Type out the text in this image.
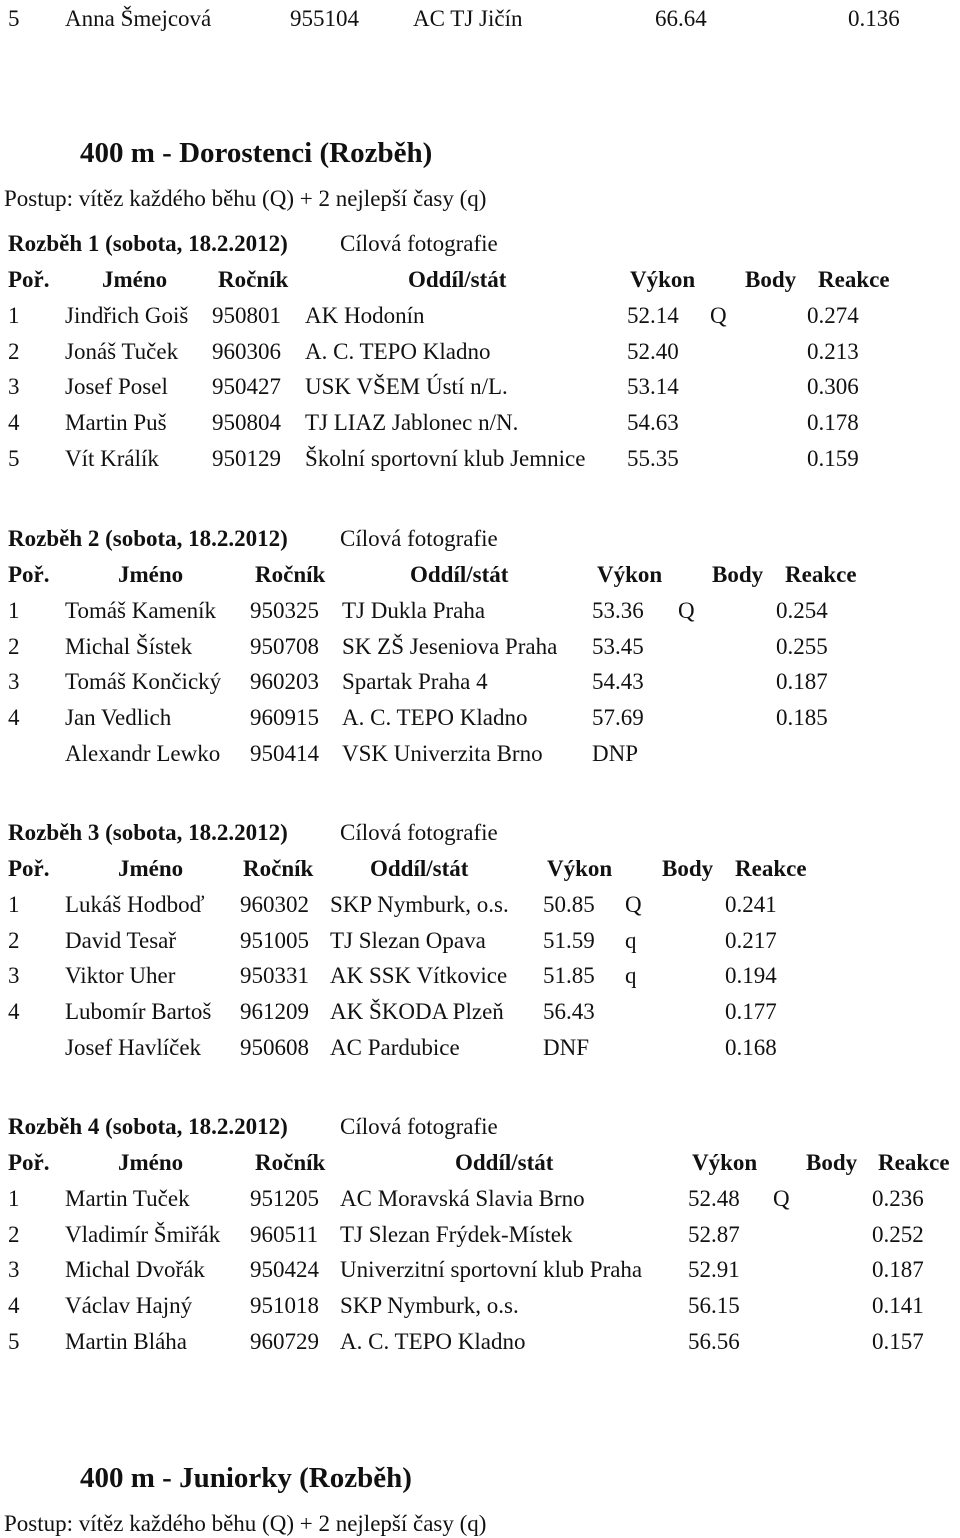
5 Anna Šmejcová	955104 AC TJ Jičín	66.64	0.136
400 m - Dorostenci (Rozběh)
Postup: vítěz každého běhu (Q) + 2 nejlepší časy (q)
Rozběh 1 (sobota, 18.2.2012) Cílová fotografie
Poř. Jméno Ročník	Oddíl/stát	Výkon Body Reakce
1 Jindřich Goiš 950801 AK Hodonín	52.14 Q	0.274
2 Jonáš Tuček 960306 A. C. TEPO Kladno	52.40	0.213
3 Josef Posel 950427 USK VŠEM Ústí n/L.	53.14	0.306
4 Martin Puš 950804 TJ LIAZ Jablonec n/N.	54.63	0.178
5 Vít Králík 950129 Školní sportovní klub Jemnice 55.35	0.159
Rozběh 2 (sobota, 18.2.2012) Cílová fotografie
Poř.	Jméno	Ročník	Oddíl/stát	Výkon Body Reakce
1 Tomáš Kameník 950325 TJ Dukla Praha	53.36 Q	0.254
2 Michal Šístek	950708 SK ZŠ Jeseniova Praha 53.45	0.255
3 Tomáš Končický 960203 Spartak Praha 4	54.43	0.187
4 Jan Vedlich	960915 A. C. TEPO Kladno	57.69	0.185
Alexandr Lewko 950414 VSK Univerzita Brno DNP
Rozběh 3 (sobota, 18.2.2012) Cílová fotografie
Poř.	Jméno	Ročník Oddíl/stát	Výkon Body Reakce
1 Lukáš Hodboď 960302 SKP Nymburk, o.s. 50.85 Q	0.241
2 David Tesař	951005 TJ Slezan Opava 51.59 q	0.217
3 Viktor Uher	950331 AK SSK Vítkovice 51.85 q	0.194
4 Lubomír Bartoš 961209 AK ŠKODA Plzeň 56.43	0.177
Josef Havlíček 950608 AC Pardubice	DNF	0.168
Rozběh 4 (sobota, 18.2.2012) Cílová fotografie
Poř.	Jméno	Ročník	Oddíl/stát	Výkon Body Reakce
1 Martin Tuček	951205 AC Moravská Slavia Brno	52.48 Q	0.236
2 Vladimír Šmiřák 960511 TJ Slezan Frýdek-Místek	52.87	0.252
3 Michal Dvořák 950424 Univerzitní sportovní klub Praha 52.91	0.187
4 Václav Hajný	951018 SKP Nymburk, o.s.	56.15	0.141
5 Martin Bláha	960729 A. C. TEPO Kladno	56.56	0.157
400 m - Juniorky (Rozběh)
Postup: vítěz každého běhu (Q) + 2 nejlepší časy (q)
